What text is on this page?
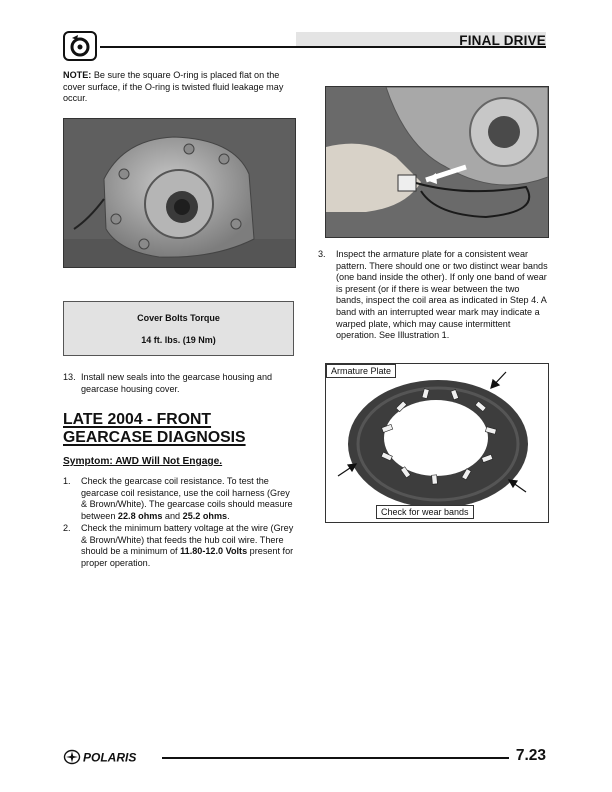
FINAL DRIVE
NOTE: Be sure the square O-ring is placed flat on the cover surface, if the O-ring is twisted fluid leakage may occur.
Cover Bolts Torque
14 ft. lbs. (19 Nm)
13. Install new seals into the gearcase housing and gearcase housing cover.
LATE 2004 - FRONT
GEARCASE DIAGNOSIS
Symptom: AWD Will Not Engage.
1. Check the gearcase coil resistance. To test the gearcase coil resistance, use the coil harness (Grey & Brown/White). The gearcase coils should measure between 22.8 ohms and 25.2 ohms.
2. Check the minimum battery voltage at the wire (Grey & Brown/White) that feeds the hub coil wire. There should be a minimum of 11.80-12.0 Volts present for proper operation.
3. Inspect the armature plate for a consistent wear pattern. There should one or two distinct wear bands (one band inside the other). If only one band of wear is present (or if there is wear between the two bands, inspect the coil area as indicated in Step 4. A band with an interrupted wear mark may indicate a warped plate, which may cause intermittent operation. See Illustration 1.
Armature Plate
Check for wear bands
POLARIS	7.23
